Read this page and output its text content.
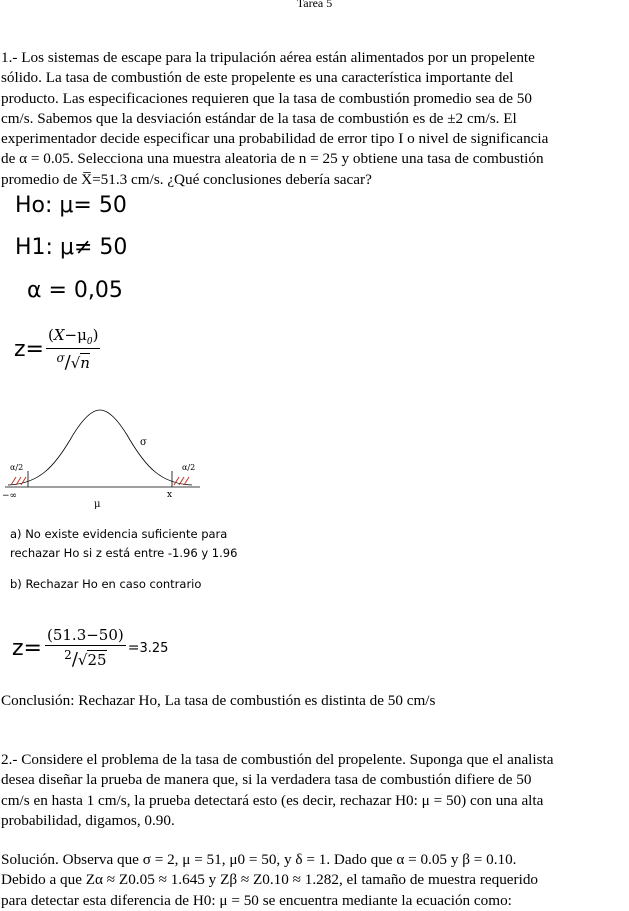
Tarea 5
1.- Los sistemas de escape para la tripulación aérea están alimentados por un propelente
sólido. La tasa de combustión de este propelente es una característica importante del
producto. Las especificaciones requieren que la tasa de combustión promedio sea de 50
cm/s. Sabemos que la desviación estándar de la tasa de combustión es de ±2 cm/s. El
experimentador decide especificar una probabilidad de error tipo I o nivel de significancia
de α = 0.05. Selecciona una muestra aleatoria de n = 25 y obtiene una tasa de combustión
promedio de X̅=51.3 cm/s. ¿Qué conclusiones debería sacar?
Ho: μ= 50
H1: μ≠ 50
α = 0,05
$z= \frac{(X-\mu_0)}{^\sigma/√n}$
σ
α/2	α/2
−∞
μ
x
a) No existe evidencia suficiente para
rechazar Ho si z está entre -1.96 y 1.96
b) Rechazar Ho en caso contrario
$z= \frac{(51.3-50)}{^2/√25} = 3.25$
Conclusión: Rechazar Ho, La tasa de combustión es distinta de 50 cm/s
2.- Considere el problema de la tasa de combustión del propelente. Suponga que el analista
desea diseñar la prueba de manera que, si la verdadera tasa de combustión difiere de 50
cm/s en hasta 1 cm/s, la prueba detectará esto (es decir, rechazar H0: μ = 50) con una alta
probabilidad, digamos, 0.90.
Solución. Observa que σ = 2, μ = 51, μ0 = 50, y δ = 1. Dado que α = 0.05 y β = 0.10.
Debido a que Zα ≈ Z0.05 ≈ 1.645 y Zβ ≈ Z0.10 ≈ 1.282, el tamaño de muestra requerido
para detectar esta diferencia de H0: μ = 50 se encuentra mediante la ecuación como:
